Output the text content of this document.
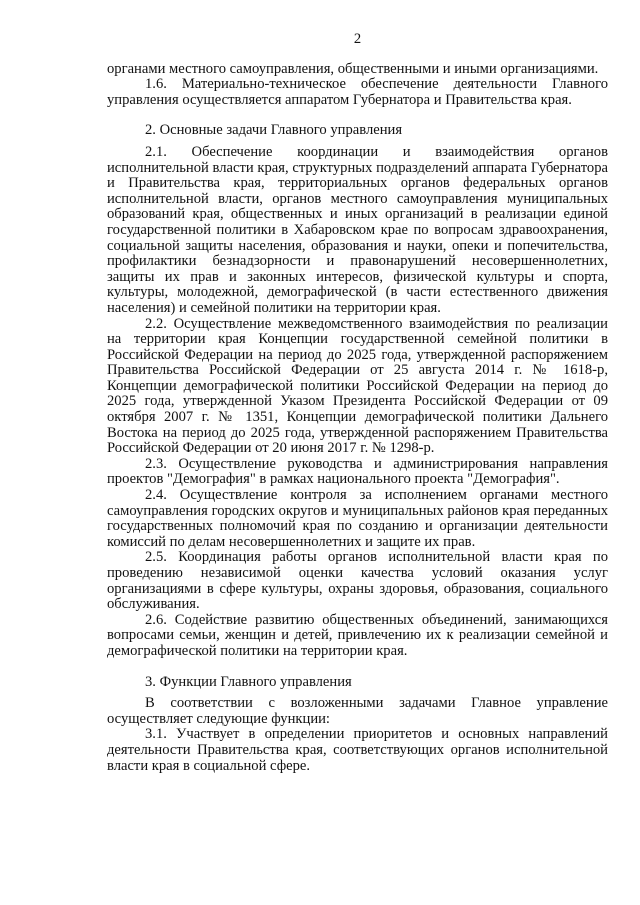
2

органами местного самоуправления, общественными и иными организациями.

1.6. Материально-техническое обеспечение деятельности Главного управления осуществляется аппаратом Губернатора и Правительства края.

2. Основные задачи Главного управления

2.1. Обеспечение координации и взаимодействия органов исполнительной власти края, структурных подразделений аппарата Губернатора и Правительства края, территориальных органов федеральных органов исполнительной власти, органов местного самоуправления муниципальных образований края, общественных и иных организаций в реализации единой государственной политики в Хабаровском крае по вопросам здравоохранения, социальной защиты населения, образования и науки, опеки и попечительства, профилактики безнадзорности и правонарушений несовершеннолетних, защиты их прав и законных интересов, физической культуры и спорта, культуры, молодежной, демографической (в части естественного движения населения) и семейной политики на территории края.

2.2. Осуществление межведомственного взаимодействия по реализации на территории края Концепции государственной семейной политики в Российской Федерации на период до 2025 года, утвержденной распоряжением Правительства Российской Федерации от 25 августа 2014 г. № 1618-р, Концепции демографической политики Российской Федерации на период до 2025 года, утвержденной Указом Президента Российской Федерации от 09 октября 2007 г. № 1351, Концепции демографической политики Дальнего Востока на период до 2025 года, утвержденной распоряжением Правительства Российской Федерации от 20 июня 2017 г. № 1298-р.

2.3. Осуществление руководства и администрирования направления проектов "Демография" в рамках национального проекта "Демография".

2.4. Осуществление контроля за исполнением органами местного самоуправления городских округов и муниципальных районов края переданных государственных полномочий края по созданию и организации деятельности комиссий по делам несовершеннолетних и защите их прав.

2.5. Координация работы органов исполнительной власти края по проведению независимой оценки качества условий оказания услуг организациями в сфере культуры, охраны здоровья, образования, социального обслуживания.

2.6. Содействие развитию общественных объединений, занимающихся вопросами семьи, женщин и детей, привлечению их к реализации семейной и демографической политики на территории края.

3. Функции Главного управления

В соответствии с возложенными задачами Главное управление осуществляет следующие функции:

3.1. Участвует в определении приоритетов и основных направлений деятельности Правительства края, соответствующих органов исполнительной власти края в социальной сфере.
